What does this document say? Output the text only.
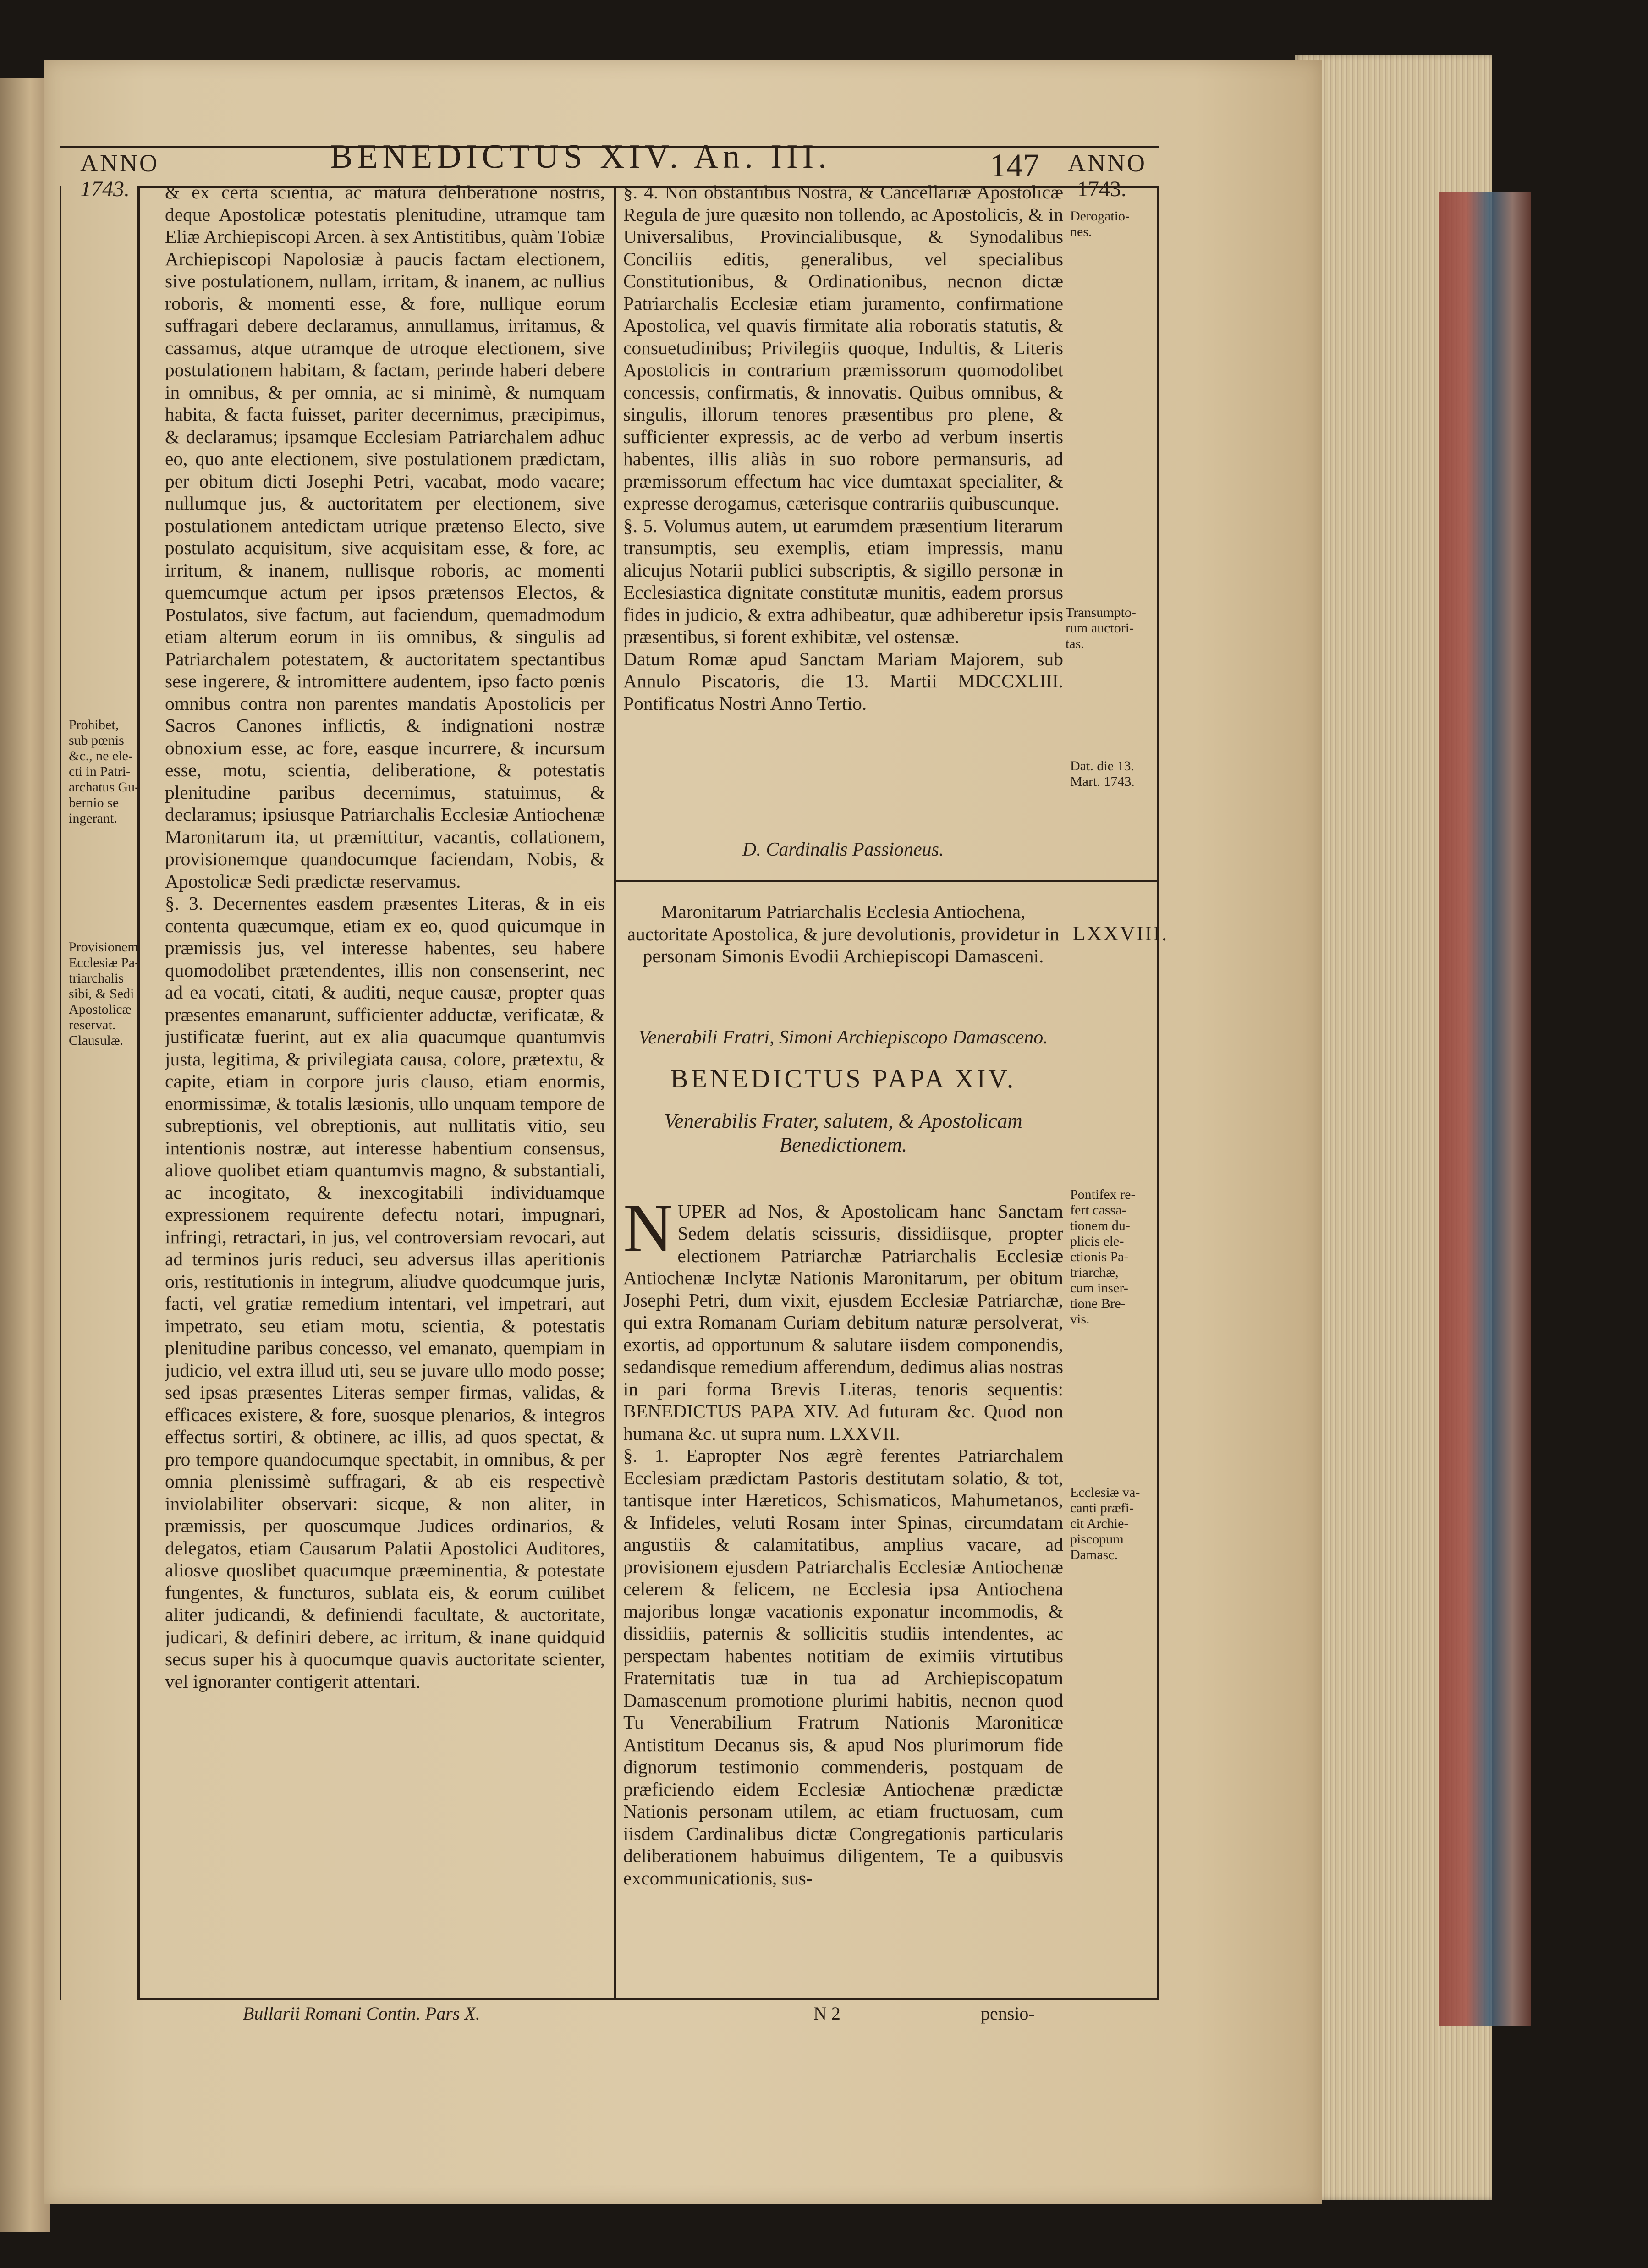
ANNO
1743.
BENEDICTUS XIV. An. III.	147 ANNO
1743.
& ex certa scientia, ac matura deliberatione nostris, deque Apostolicæ potestatis plenitudine, utramque tam Eliæ Archiepiscopi Arcen. à sex Antistitibus, quàm Tobiæ Archiepiscopi Napolosiæ à paucis factam electionem, sive postulationem, nullam, irritam, & inanem, ac nullius roboris, & momenti esse, & fore, nullique eorum suffragari debere declaramus, annullamus, irritamus, & cassamus, atque utramque de utroque electionem, sive postulationem habitam, & factam, perinde haberi debere in omnibus, & per omnia, ac si minimè, & numquam habita, & facta fuisset, pariter decernimus, præcipimus, & declaramus; ipsamque Ecclesiam Patriarchalem adhuc eo, quo ante electionem, sive postulationem prædictam, per obitum dicti Josephi Petri, vacabat, modo vacare; nullumque jus, & auctoritatem per electionem, sive postulationem antedictam utrique prætenso Electo, sive postulato acquisitum, sive acquisitam esse, & fore, ac irritum, & inanem, nullisque roboris, ac momenti quemcumque actum per ipsos prætensos Electos, & Postulatos, sive factum, aut faciendum, quemadmodum etiam alterum eorum in iis omnibus, & singulis ad Patriarchalem potestatem, & auctoritatem spectantibus sese ingerere, & intromittere audentem, ipso facto pœnis omnibus contra non parentes mandatis Apostolicis per Sacros Canones inflictis, & indignationi nostræ obnoxium esse, ac fore, easque incurrere, & incursum esse, motu, scientia, deliberatione, & potestatis plenitudine paribus decernimus, statuimus, & declaramus; ipsiusque Patriarchalis Ecclesiæ Antiochenæ Maronitarum ita, ut præmittitur, vacantis, collationem, provisionemque quandocumque faciendam, Nobis, & Apostolicæ Sedi prædictæ reservamus.
§. 3. Decernentes easdem præsentes Literas, & in eis contenta quæcumque, etiam ex eo, quod quicumque in præmissis jus, vel interesse habentes, seu habere quomodolibet prætendentes, illis non consenserint, nec ad ea vocati, citati, & auditi, neque causæ, propter quas præsentes emanarunt, sufficienter adductæ, verificatæ, & justificatæ fuerint, aut ex alia quacumque quantumvis justa, legitima, & privilegiata causa, colore, prætextu, & capite, etiam in corpore juris clauso, etiam enormis, enormissimæ, & totalis læsionis, ullo unquam tempore de subreptionis, vel obreptionis, aut nullitatis vitio, seu intentionis nostræ, aut interesse habentium consensus, aliove quolibet etiam quantumvis magno, & substantiali, ac incogitato, & inexcogitabili individuamque expressionem requirente defectu notari, impugnari, infringi, retractari, in jus, vel controversiam revocari, aut ad terminos juris reduci, seu adversus illas aperitionis oris, restitutionis in integrum, aliudve quodcumque juris, facti, vel gratiæ remedium intentari, vel impetrari, aut impetrato, seu etiam motu, scientia, & potestatis plenitudine paribus concesso, vel emanato, quempiam in judicio, vel extra illud uti, seu se juvare ullo modo posse; sed ipsas præsentes Literas semper firmas, validas, & efficaces existere, & fore, suosque plenarios, & integros effectus sortiri, & obtinere, ac illis, ad quos spectat, & pro tempore quandocumque spectabit, in omnibus, & per omnia plenissimè suffragari, & ab eis respectivè inviolabiliter observari: sicque, & non aliter, in præmissis, per quoscumque Judices ordinarios, & delegatos, etiam Causarum Palatii Apostolici Auditores, aliosve quoslibet quacumque præeminentia, & potestate fungentes, & functuros, sublata eis, & eorum cuilibet aliter judicandi, & definiendi facultate, & auctoritate, judicari, & definiri debere, ac irritum, & inane quidquid secus super his à quocumque quavis auctoritate scienter, vel ignoranter contigerit attentari.
§. 4. Non obstantibus Nostra, & Cancellariæ Apostolicæ Regula de jure quæsito non tollendo, ac Apostolicis, & in Universalibus, Provincialibusque, & Synodalibus Conciliis editis, generalibus, vel specialibus Constitutionibus, & Ordinationibus, necnon dictæ Patriarchalis Ecclesiæ etiam juramento, confirmatione Apostolica, vel quavis firmitate alia roboratis statutis, & consuetudinibus; Privilegiis quoque, Indultis, & Literis Apostolicis in contrarium præmissorum quomodolibet concessis, confirmatis, & innovatis. Quibus omnibus, & singulis, illorum tenores præsentibus pro plene, & sufficienter expressis, ac de verbo ad verbum insertis habentes, illis aliàs in suo robore permansuris, ad præmissorum effectum hac vice dumtaxat specialiter, & expresse derogamus, cæterisque contrariis quibuscunque.
§. 5. Volumus autem, ut earumdem præsentium literarum transumptis, seu exemplis, etiam impressis, manu alicujus Notarii publici subscriptis, & sigillo personæ in Ecclesiastica dignitate constitutæ munitis, eadem prorsus fides in judicio, & extra adhibeatur, quæ adhiberetur ipsis præsentibus, si forent exhibitæ, vel ostensæ.
Datum Romæ apud Sanctam Mariam Majorem, sub Annulo Piscatoris, die 13. Martii MDCCXLIII. Pontificatus Nostri Anno Tertio.
D. Cardinalis Passioneus.
Maronitarum Patriarchalis Ecclesia Antiochena, auctoritate Apostolica, & jure devolutionis, providetur in personam Simonis Evodii Archiepiscopi Damasceni.
Venerabili Fratri, Simoni Archiepiscopo Damasceno.
BENEDICTUS PAPA XIV.
Venerabilis Frater, salutem, & Apostolicam Benedictionem.

NUPER ad Nos, & Apostolicam hanc Sanctam Sedem delatis scissuris, dissidiisque, propter electionem Patriarchæ Patriarchalis Ecclesiæ Antiochenæ Inclytæ Nationis Maronitarum, per obitum Josephi Petri, dum vixit, ejusdem Ecclesiæ Patriarchæ, qui extra Romanam Curiam debitum naturæ persolverat, exortis, ad opportunum & salutare iisdem componendis, sedandisque remedium afferendum, dedimus alias nostras in pari forma Brevis Literas, tenoris sequentis: BENEDICTUS PAPA XIV. Ad futuram &c. Quod non humana &c. ut supra num. LXXVII.
§. 1. Eapropter Nos ægrè ferentes Patriarchalem Ecclesiam prædictam Pastoris destitutam solatio, & tot, tantisque inter Hæreticos, Schismaticos, Mahumetanos, & Infideles, veluti Rosam inter Spinas, circumdatam angustiis & calamitatibus, amplius vacare, ad provisionem ejusdem Patriarchalis Ecclesiæ Antiochenæ celerem & felicem, ne Ecclesia ipsa Antiochena majoribus longæ vacationis exponatur incommodis, & dissidiis, paternis & sollicitis studiis intendentes, ac perspectam habentes notitiam de eximiis virtutibus Fraternitatis tuæ in tua ad Archiepiscopatum Damascenum promotione plurimi habitis, necnon quod Tu Venerabilium Fratrum Nationis Maroniticæ Antistitum Decanus sis, & apud Nos plurimorum fide dignorum testimonio commenderis, postquam de præficiendo eidem Ecclesiæ Antiochenæ prædictæ Nationis personam utilem, ac etiam fructuosam, cum iisdem Cardinalibus dictæ Congregationis particularis deliberationem habuimus diligentem, Te a quibusvis excommunicationis, sus-

Prohibet,
sub pœnis
&c., ne ele-
cti in Patri-
archatus Gu-
bernio se
ingerant.
Provisionem
Ecclesiæ Pa-
triarchalis
sibi, & Sedi
Apostolicæ
reservat.
Clausulæ.
Derogatio-
nes.
Transumpto-
rum auctori-
tas.
Dat. die 13.
Mart. 1743.
LXXVIII.
Pontifex re-
fert cassa-
tionem du-
plicis ele-
ctionis Pa-
triarchæ,
cum inser-
tione Bre-
vis.
Ecclesiæ va-
canti præfi-
cit Archie-
piscopum
Damasc.
Bullarii Romani Contin. Pars X.	N 2	pensio-
